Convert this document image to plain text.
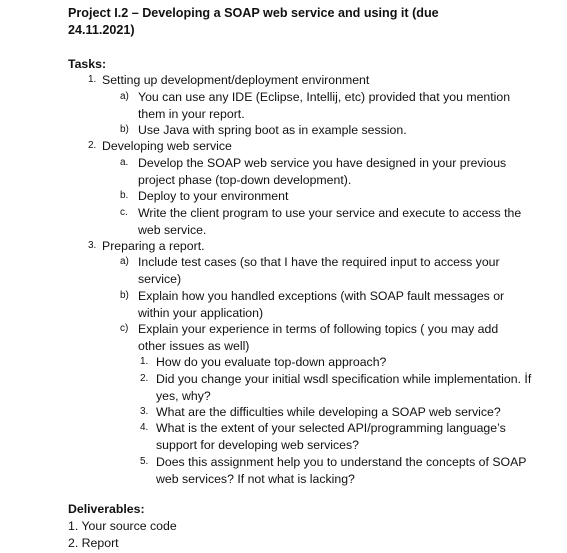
Project I.2 – Developing a SOAP web service and using it (due 24.11.2021)
Tasks:
1. Setting up development/deployment environment
a) You can use any IDE (Eclipse, Intellij, etc) provided that you mention them in your report.
b) Use Java with spring boot as in example session.
2. Developing web service
a. Develop the SOAP web service you have designed in your previous project phase (top-down development).
b. Deploy to your environment
c. Write the client program to use your service and execute to access the web service.
3. Preparing a report.
a) Include test cases (so that I have the required input to access your service)
b) Explain how you handled exceptions (with SOAP fault messages or within your application)
c) Explain your experience in terms of following topics ( you may add other issues as well)
1. How do you evaluate top-down approach?
2. Did you change your initial wsdl specification while implementation. İf yes, why?
3. What are the difficulties while developing a SOAP web service?
4. What is the extent of your selected API/programming language’s support for developing web services?
5. Does this assignment help you to understand the concepts of SOAP web services? If not what is lacking?
Deliverables:
1. Your source code
2. Report
